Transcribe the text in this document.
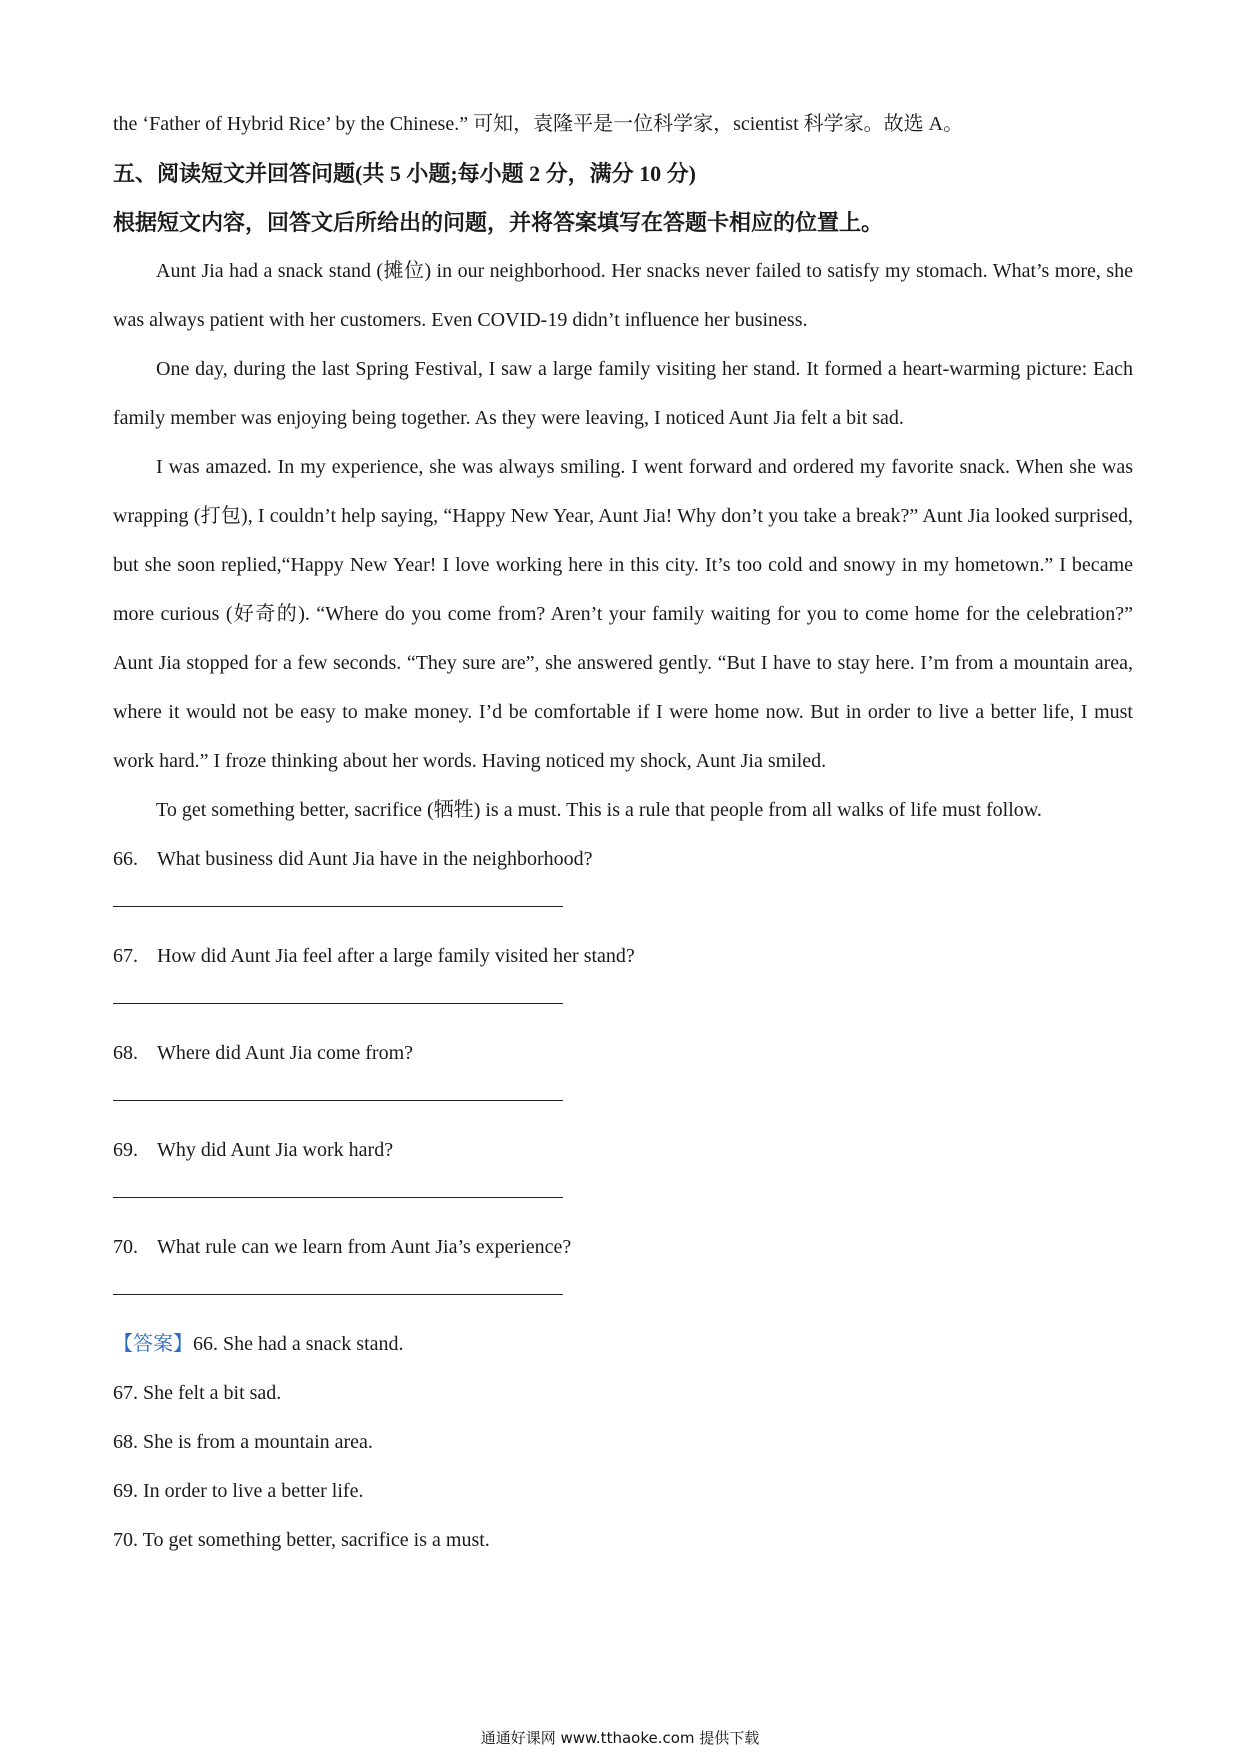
the ‘Father of Hybrid Rice’ by the Chinese.” 可知，袁隆平是一位科学家，scientist 科学家。故选 A。
五、阅读短文并回答问题(共 5 小题;每小题 2 分，满分 10 分)
根据短文内容，回答文后所给出的问题，并将答案填写在答题卡相应的位置上。
Aunt Jia had a snack stand (摊位) in our neighborhood. Her snacks never failed to satisfy my stomach. What’s more, she was always patient with her customers. Even COVID-19 didn’t influence her business.
One day, during the last Spring Festival, I saw a large family visiting her stand. It formed a heart-warming picture: Each family member was enjoying being together. As they were leaving, I noticed Aunt Jia felt a bit sad.
I was amazed. In my experience, she was always smiling. I went forward and ordered my favorite snack. When she was wrapping (打包), I couldn’t help saying, “Happy New Year, Aunt Jia! Why don’t you take a break?” Aunt Jia looked surprised, but she soon replied,“Happy New Year! I love working here in this city. It’s too cold and snowy in my hometown.” I became more curious (好奇的). “Where do you come from? Aren’t your family waiting for you to come home for the celebration?” Aunt Jia stopped for a few seconds. “They sure are”, she answered gently. “But I have to stay here. I’m from a mountain area, where it would not be easy to make money. I’d be comfortable if I were home now. But in order to live a better life, I must work hard.” I froze thinking about her words. Having noticed my shock, Aunt Jia smiled.
To get something better, sacrifice (牺牲) is a must. This is a rule that people from all walks of life must follow.
66. What business did Aunt Jia have in the neighborhood?
67. How did Aunt Jia feel after a large family visited her stand?
68. Where did Aunt Jia come from?
69. Why did Aunt Jia work hard?
70. What rule can we learn from Aunt Jia’s experience?
【答案】66. She had a snack stand.
67. She felt a bit sad.
68. She is from a mountain area.
69. In order to live a better life.
70. To get something better, sacrifice is a must.
通通好课网 www.tthaoke.com 提供下载
